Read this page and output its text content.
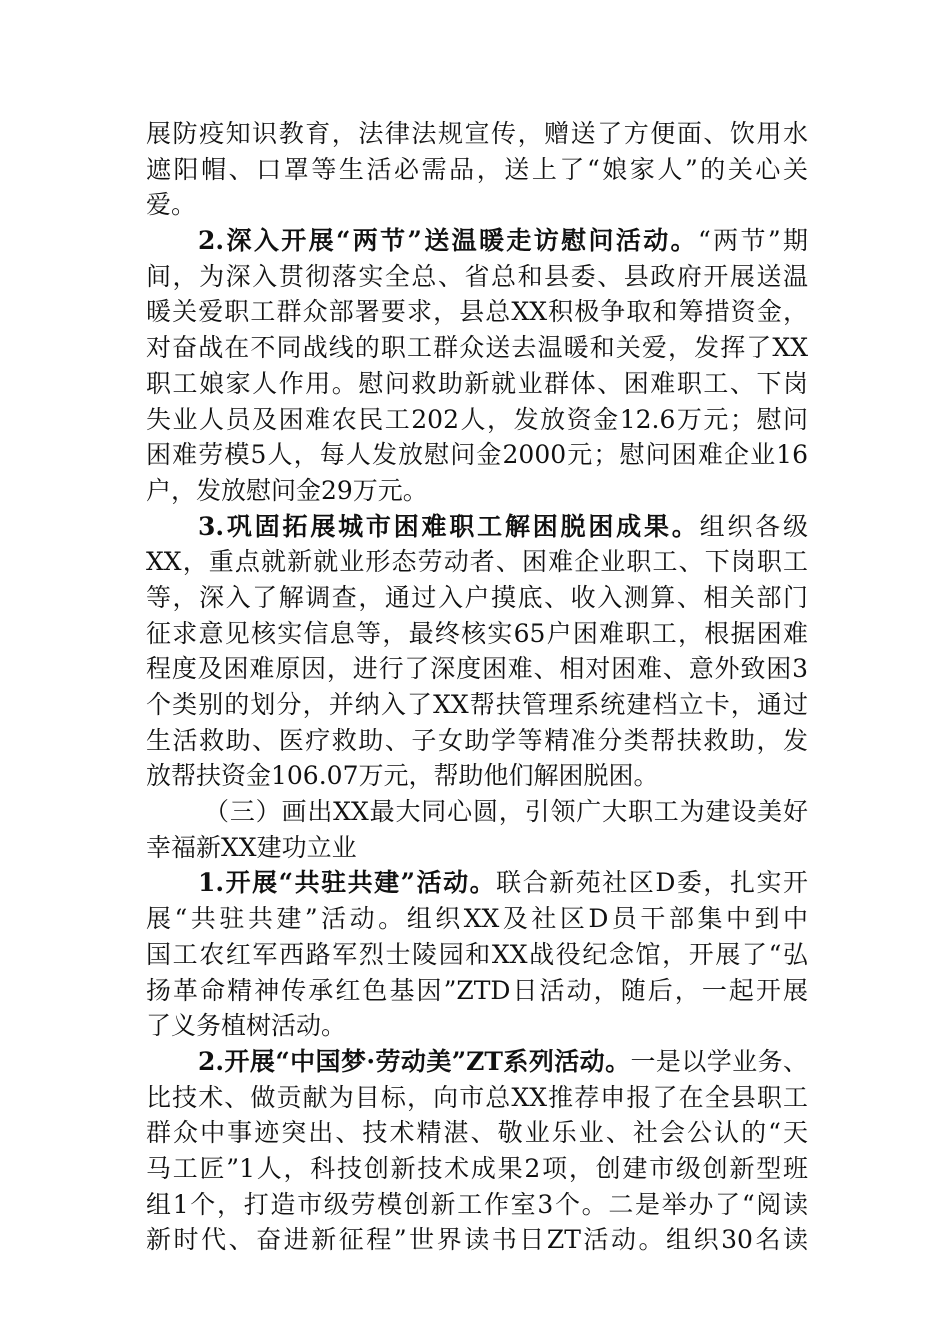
展防疫知识教育，法律法规宣传，赠送了方便面、饮用水
遮阳帽、口罩等生活必需品，送上了“娘家人”的关心关
爱。
2.深入开展“两节”送温暖走访慰问活动。“两节”期
间，为深入贯彻落实全总、省总和县委、县政府开展送温
暖关爱职工群众部署要求，县总XX积极争取和筹措资金，
对奋战在不同战线的职工群众送去温暖和关爱，发挥了XX
职工娘家人作用。慰问救助新就业群体、困难职工、下岗
失业人员及困难农民工202人，发放资金12.6万元；慰问
困难劳模5人，每人发放慰问金2000元；慰问困难企业16
户，发放慰问金29万元。
3.巩固拓展城市困难职工解困脱困成果。组织各级
XX，重点就新就业形态劳动者、困难企业职工、下岗职工
等，深入了解调查，通过入户摸底、收入测算、相关部门
征求意见核实信息等，最终核实65户困难职工，根据困难
程度及困难原因，进行了深度困难、相对困难、意外致困3
个类别的划分，并纳入了XX帮扶管理系统建档立卡，通过
生活救助、医疗救助、子女助学等精准分类帮扶救助，发
放帮扶资金106.07万元，帮助他们解困脱困。
（三）画出XX最大同心圆，引领广大职工为建设美好
幸福新XX建功立业
1.开展“共驻共建”活动。联合新苑社区D委，扎实开
展“共驻共建”活动。组织XX及社区D员干部集中到中
国工农红军西路军烈士陵园和XX战役纪念馆，开展了“弘
扬革命精神传承红色基因”ZTD日活动，随后，一起开展
了义务植树活动。
2.开展“中国梦·劳动美”ZT系列活动。一是以学业务、
比技术、做贡献为目标，向市总XX推荐申报了在全县职工
群众中事迹突出、技术精湛、敬业乐业、社会公认的“天
马工匠”1人，科技创新技术成果2项，创建市级创新型班
组1个，打造市级劳模创新工作室3个。二是举办了“阅读
新时代、奋进新征程”世界读书日ZT活动。组织30名读
